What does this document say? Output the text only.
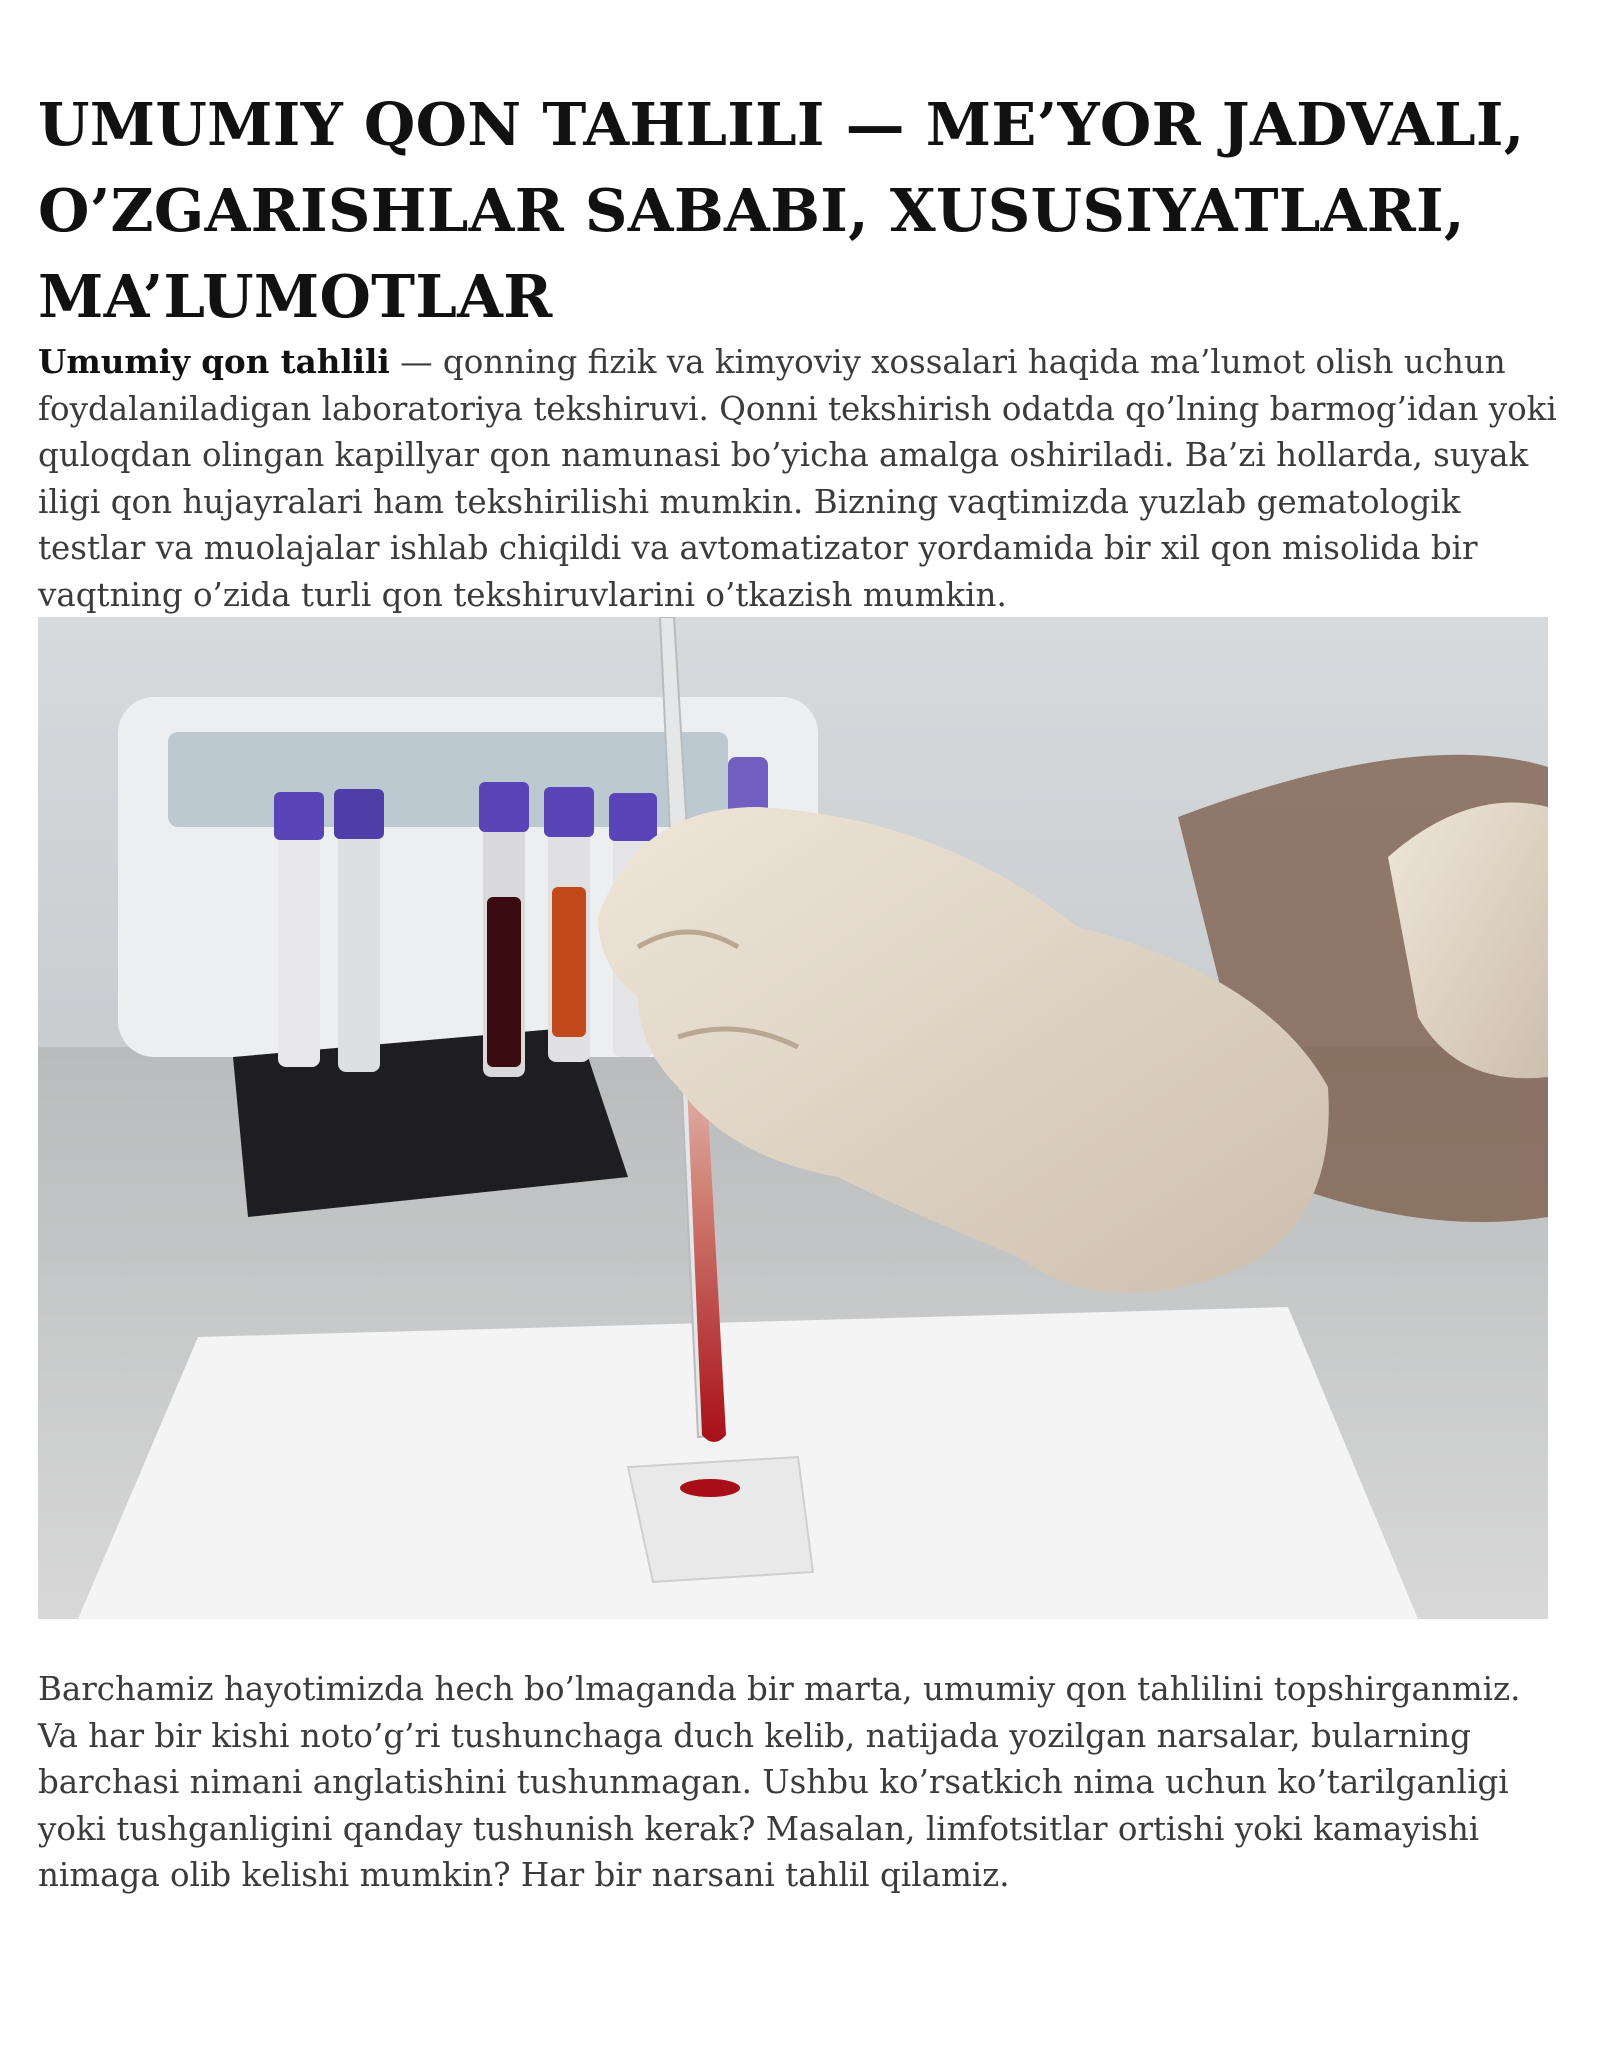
UMUMIY QON TAHLILI — ME’YOR JADVALI, O’ZGARISHLAR SABABI, XUSUSIYATLARI, MA’LUMOTLAR

Umumiy qon tahlili — qonning fizik va kimyoviy xossalari haqida ma’lumot olish uchun foydalaniladigan laboratoriya tekshiruvi. Qonni tekshirish odatda qo’lning barmog’idan yoki quloqdan olingan kapillyar qon namunasi bo’yicha amalga oshiriladi. Ba’zi hollarda, suyak iligi qon hujayralari ham tekshirilishi mumkin. Bizning vaqtimizda yuzlab gematologik testlar va muolajalar ishlab chiqildi va avtomatizator yordamida bir xil qon misolida bir vaqtning o’zida turli qon tekshiruvlarini o’tkazish mumkin.

Barchamiz hayotimizda hech bo’lmaganda bir marta, umumiy qon tahlilini topshirganmiz. Va har bir kishi noto’g’ri tushunchaga duch kelib, natijada yozilgan narsalar, bularning barchasi nimani anglatishini tushunmagan. Ushbu ko’rsatkich nima uchun ko’tarilganligi yoki tushganligini qanday tushunish kerak? Masalan, limfotsitlar ortishi yoki kamayishi nimaga olib kelishi mumkin? Har bir narsani tahlil qilamiz.
